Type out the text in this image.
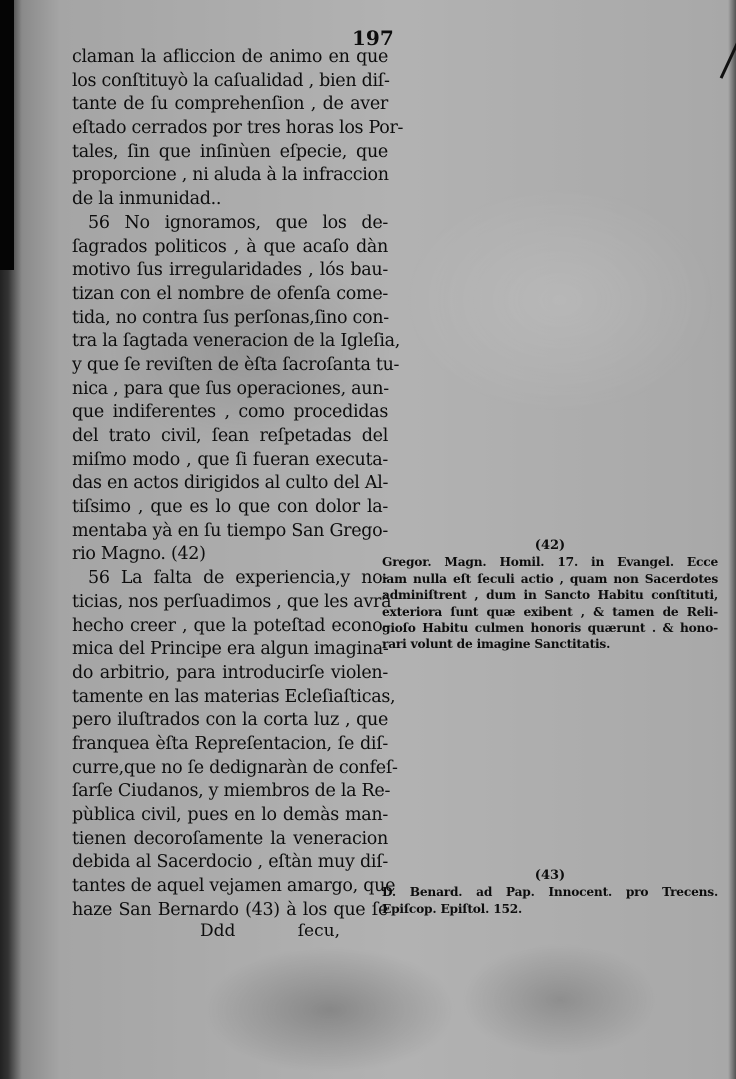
197
claman la afliccion de animo en que
los conſtituyò la caſualidad , bien diſ-
tante de ſu comprehenſion , de aver
eſtado cerrados por tres horas los Por-
tales, ſin que inſinùen eſpecie, que
proporcione , ni aluda à la infraccion
de la inmunidad..
56 No ignoramos, que los de-
ſagrados politicos , à que acaſo dàn
motivo ſus irregularidades , lós bau-
tizan con el nombre de ofenſa come-
tida, no contra ſus perſonas,ſino con-
tra la ſagtada veneracion de la Igleſia,
y que ſe reviſten de èſta ſacroſanta tu-
nica , para que ſus operaciones, aun-
que indiferentes , como procedidas
del trato civil, ſean reſpetadas del
miſmo modo , que ſi fueran executa-
das en actos dirigidos al culto del Al-
tiſsimo , que es lo que con dolor la-
mentaba yà en ſu tiempo San Grego-
rio Magno. (42)
56 La falta de experiencia,y no-
ticias, nos perſuadimos , que les avrà
hecho creer , que la poteſtad econo-
mica del Principe era algun imagina-
do arbitrio, para introducirſe violen-
tamente en las materias Ecleſiaſticas,
pero iluſtrados con la corta luz , que
franquea èſta Repreſentacion, ſe diſ-
curre,que no ſe dedignaràn de confeſ-
ſarſe Ciudanos, y miembros de la Re-
pùblica civil, pues en lo demàs man-
tienen decoroſamente la veneracion
debida al Sacerdocio , eſtàn muy diſ-
tantes de aquel vejamen amargo, que
haze San Bernardo (43) à los que ſe
Ddd	ſecu,
(42)
Gregor. Magn. Homil. 17. in Evangel. Ecce
iam nulla eſt ſeculi actio , quam non Sacerdotes
adminiſtrent , dum in Sancto Habitu conſtituti,
exteriora ſunt quæ exibent , & tamen de Reli-
gioſo Habitu culmen honoris quærunt . & hono-
rari volunt de imagine Sanctitatis.
(43)
D. Benard. ad Pap. Innocent. pro Trecens.
Epiſcop. Epiſtol. 152.
